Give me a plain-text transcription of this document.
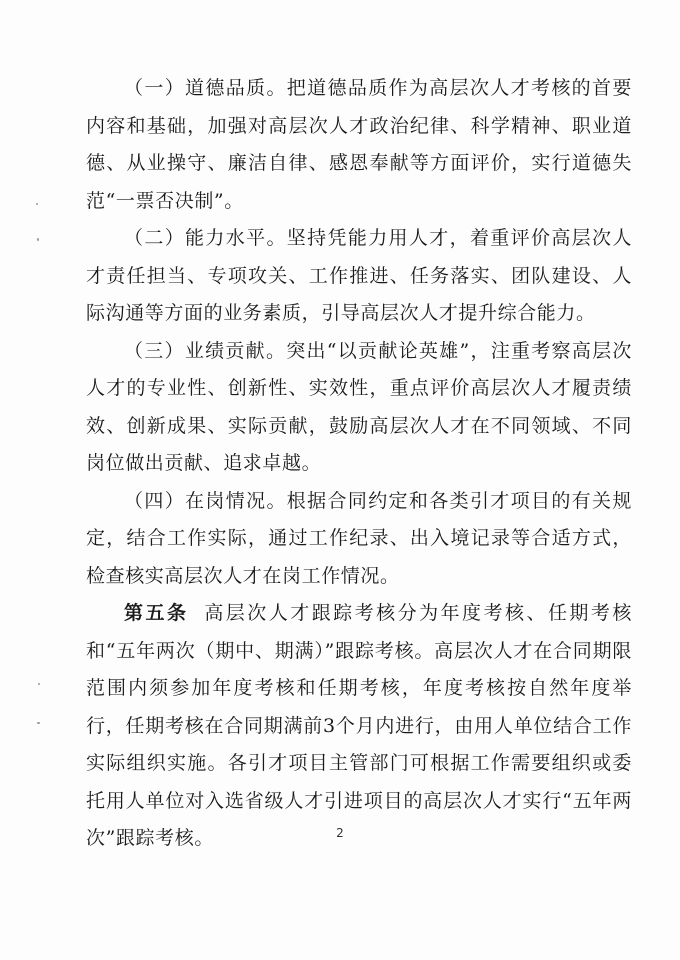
（一）道德品质。把道德品质作为高层次人才考核的首要内容和基础，加强对高层次人才政治纪律、科学精神、职业道德、从业操守、廉洁自律、感恩奉献等方面评价，实行道德失范“一票否决制”。

（二）能力水平。坚持凭能力用人才，着重评价高层次人才责任担当、专项攻关、工作推进、任务落实、团队建设、人际沟通等方面的业务素质，引导高层次人才提升综合能力。

（三）业绩贡献。突出“以贡献论英雄”，注重考察高层次人才的专业性、创新性、实效性，重点评价高层次人才履责绩效、创新成果、实际贡献，鼓励高层次人才在不同领域、不同岗位做出贡献、追求卓越。

（四）在岗情况。根据合同约定和各类引才项目的有关规定，结合工作实际，通过工作纪录、出入境记录等合适方式，检查核实高层次人才在岗工作情况。

第五条 高层次人才跟踪考核分为年度考核、任期考核和“五年两次（期中、期满）”跟踪考核。高层次人才在合同期限范围内须参加年度考核和任期考核，年度考核按自然年度举行，任期考核在合同期满前3个月内进行，由用人单位结合工作实际组织实施。各引才项目主管部门可根据工作需要组织或委托用人单位对入选省级人才引进项目的高层次人才实行“五年两次”跟踪考核。	2
